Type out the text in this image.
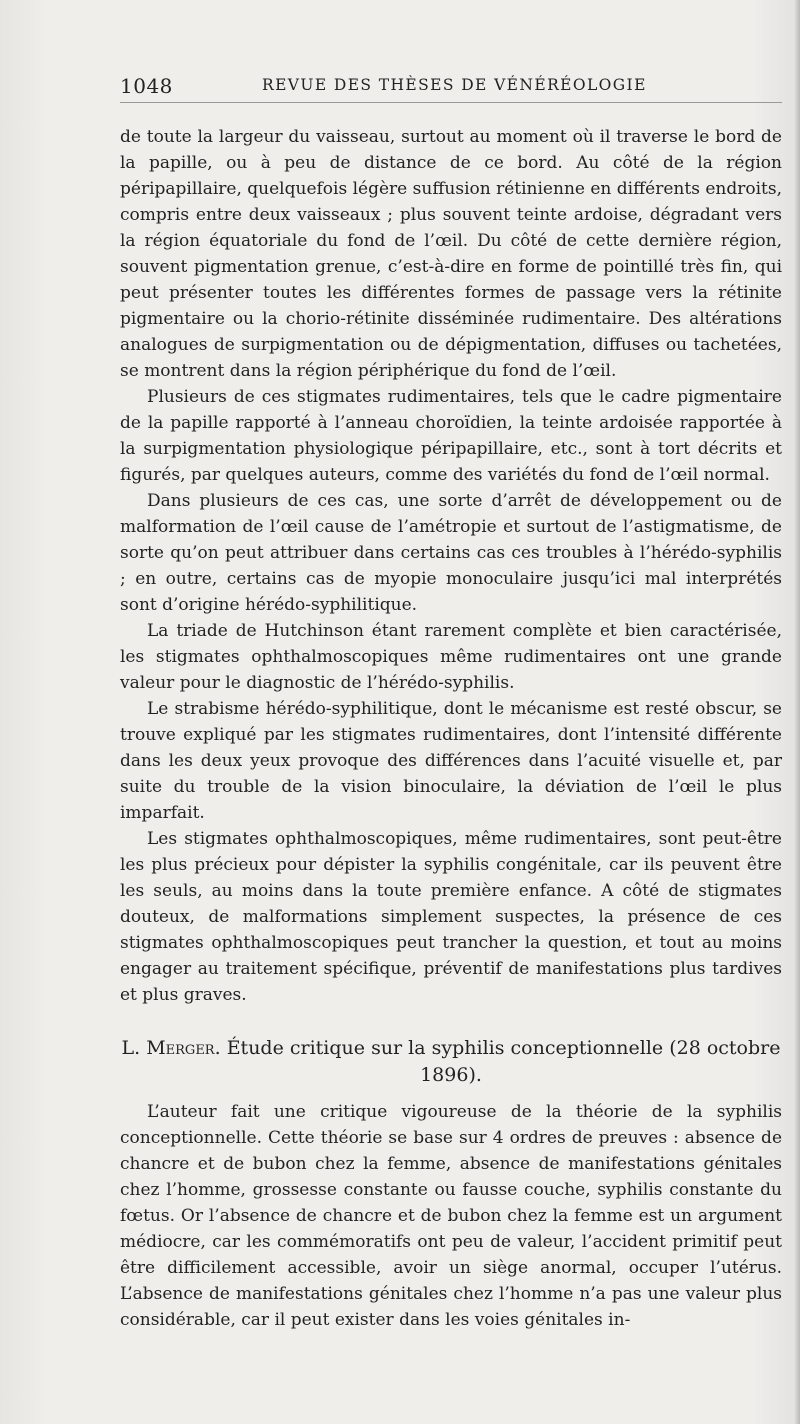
1048	REVUE DES THÈSES DE VÉNÉRÉOLOGIE

de toute la largeur du vaisseau, surtout au moment où il traverse le bord de la papille, ou à peu de distance de ce bord. Au côté de la région péripapillaire, quelquefois légère suffusion rétinienne en différents endroits, compris entre deux vaisseaux ; plus souvent teinte ardoise, dégradant vers la région équatoriale du fond de l’œil. Du côté de cette dernière région, souvent pigmentation grenue, c’est-à-dire en forme de pointillé très fin, qui peut présenter toutes les différentes formes de passage vers la rétinite pigmentaire ou la chorio-rétinite disséminée rudimentaire. Des altérations analogues de surpigmentation ou de dépigmentation, diffuses ou tachetées, se montrent dans la région périphérique du fond de l’œil.

Plusieurs de ces stigmates rudimentaires, tels que le cadre pigmentaire de la papille rapporté à l’anneau choroïdien, la teinte ardoisée rapportée à la surpigmentation physiologique péripapillaire, etc., sont à tort décrits et figurés, par quelques auteurs, comme des variétés du fond de l’œil normal.

Dans plusieurs de ces cas, une sorte d’arrêt de développement ou de malformation de l’œil cause de l’amétropie et surtout de l’astigmatisme, de sorte qu’on peut attribuer dans certains cas ces troubles à l’hérédo-syphilis ; en outre, certains cas de myopie monoculaire jusqu’ici mal interprétés sont d’origine hérédo-syphilitique.

La triade de Hutchinson étant rarement complète et bien caractérisée, les stigmates ophthalmoscopiques même rudimentaires ont une grande valeur pour le diagnostic de l’hérédo-syphilis.

Le strabisme hérédo-syphilitique, dont le mécanisme est resté obscur, se trouve expliqué par les stigmates rudimentaires, dont l’intensité différente dans les deux yeux provoque des différences dans l’acuité visuelle et, par suite du trouble de la vision binoculaire, la déviation de l’œil le plus imparfait.

Les stigmates ophthalmoscopiques, même rudimentaires, sont peut-être les plus précieux pour dépister la syphilis congénitale, car ils peuvent être les seuls, au moins dans la toute première enfance. A côté de stigmates douteux, de malformations simplement suspectes, la présence de ces stigmates ophthalmoscopiques peut trancher la question, et tout au moins engager au traitement spécifique, préventif de manifestations plus tardives et plus graves.

L. Merger. Étude critique sur la syphilis conceptionnelle (28 octobre 1896).

L’auteur fait une critique vigoureuse de la théorie de la syphilis conceptionnelle. Cette théorie se base sur 4 ordres de preuves : absence de chancre et de bubon chez la femme, absence de manifestations génitales chez l’homme, grossesse constante ou fausse couche, syphilis constante du fœtus. Or l’absence de chancre et de bubon chez la femme est un argument médiocre, car les commémoratifs ont peu de valeur, l’accident primitif peut être difficilement accessible, avoir un siège anormal, occuper l’utérus. L’absence de manifestations génitales chez l’homme n’a pas une valeur plus considérable, car il peut exister dans les voies génitales in-
